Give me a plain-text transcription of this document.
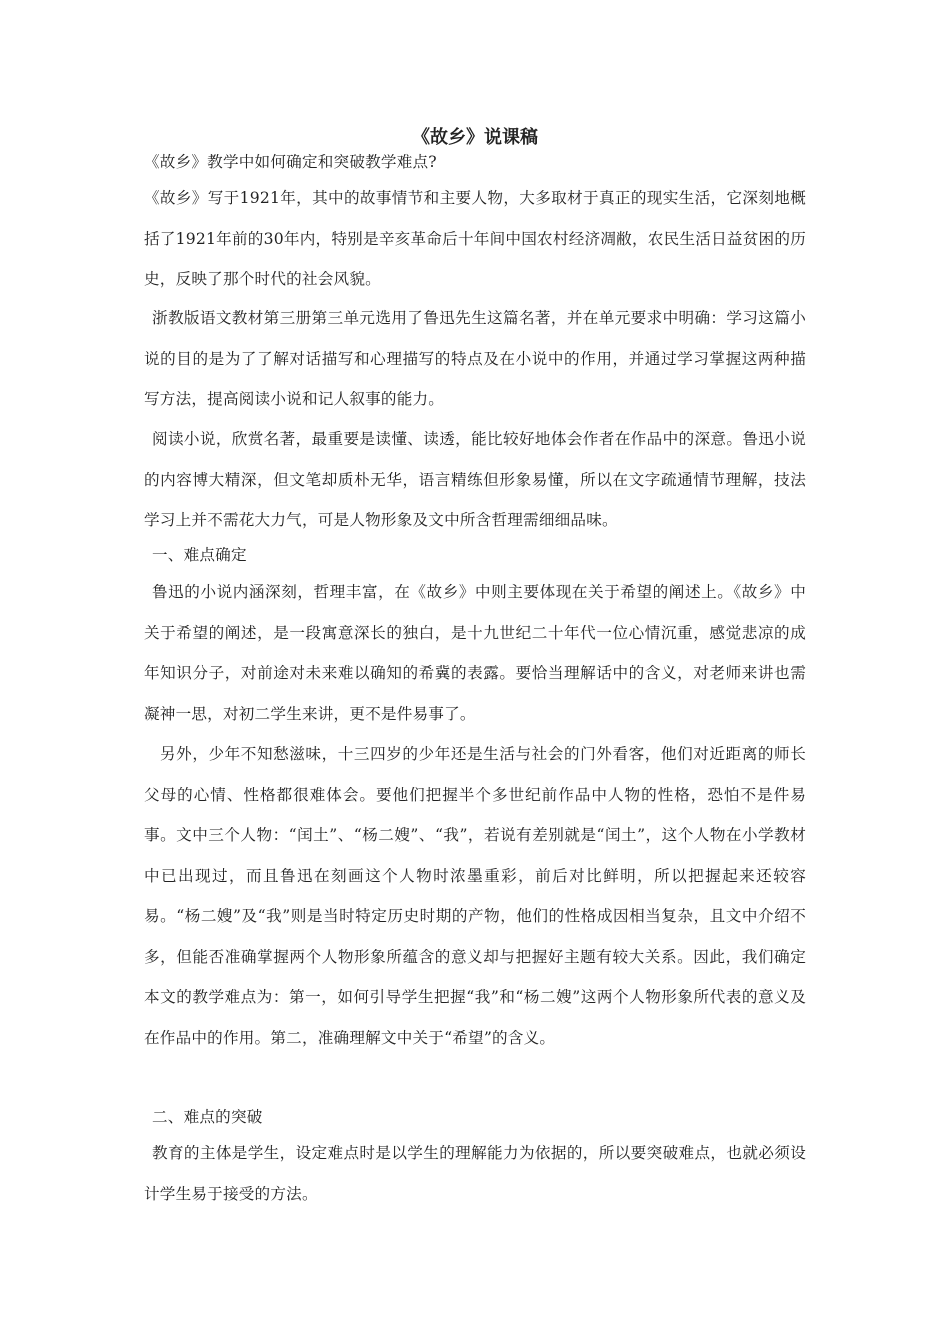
《故乡》说课稿

《故乡》教学中如何确定和突破教学难点?

《故乡》写于1921年，其中的故事情节和主要人物，大多取材于真正的现实生活，它深刻地概括了1921年前的30年内，特别是辛亥革命后十年间中国农村经济凋敝，农民生活日益贫困的历史，反映了那个时代的社会风貌。

浙教版语文教材第三册第三单元选用了鲁迅先生这篇名著，并在单元要求中明确：学习这篇小说的目的是为了了解对话描写和心理描写的特点及在小说中的作用，并通过学习掌握这两种描写方法，提高阅读小说和记人叙事的能力。

阅读小说，欣赏名著，最重要是读懂、读透，能比较好地体会作者在作品中的深意。鲁迅小说的内容博大精深，但文笔却质朴无华，语言精练但形象易懂，所以在文字疏通情节理解，技法学习上并不需花大力气，可是人物形象及文中所含哲理需细细品味。

一、难点确定

鲁迅的小说内涵深刻，哲理丰富，在《故乡》中则主要体现在关于希望的阐述上。《故乡》中关于希望的阐述，是一段寓意深长的独白，是十九世纪二十年代一位心情沉重，感觉悲凉的成年知识分子，对前途对未来难以确知的希冀的表露。要恰当理解话中的含义，对老师来讲也需凝神一思，对初二学生来讲，更不是件易事了。

另外，少年不知愁滋味，十三四岁的少年还是生活与社会的门外看客，他们对近距离的师长父母的心情、性格都很难体会。要他们把握半个多世纪前作品中人物的性格，恐怕不是件易事。文中三个人物：“闰土”、“杨二嫂”、“我”，若说有差别就是“闰土”，这个人物在小学教材中已出现过，而且鲁迅在刻画这个人物时浓墨重彩，前后对比鲜明，所以把握起来还较容易。“杨二嫂”及“我”则是当时特定历史时期的产物，他们的性格成因相当复杂，且文中介绍不多，但能否准确掌握两个人物形象所蕴含的意义却与把握好主题有较大关系。因此，我们确定本文的教学难点为：第一，如何引导学生把握“我”和“杨二嫂”这两个人物形象所代表的意义及在作品中的作用。第二，准确理解文中关于“希望”的含义。

二、难点的突破

教育的主体是学生，设定难点时是以学生的理解能力为依据的，所以要突破难点，也就必须设计学生易于接受的方法。
